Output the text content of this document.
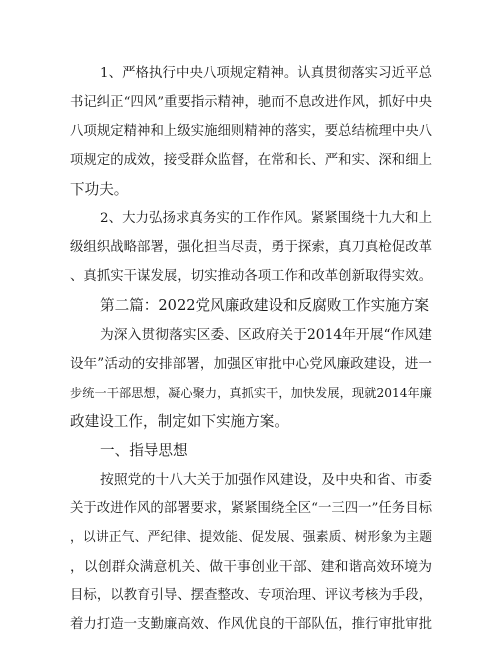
1、严格执行中央八项规定精神。认真贯彻落实习近平总
书记纠正“四风”重要指示精神，驰而不息改进作风，抓好中央
八项规定精神和上级实施细则精神的落实，要总结梳理中央八
项规定的成效，接受群众监督，在常和长、严和实、深和细上
下功夫。
2、大力弘扬求真务实的工作作风。紧紧围绕十九大和上
级组织战略部署，强化担当尽责，勇于探索，真刀真枪促改革
、真抓实干谋发展，切实推动各项工作和改革创新取得实效。
第二篇：2022党风廉政建设和反腐败工作实施方案
为深入贯彻落实区委、区政府关于2014年开展“作风建
设年”活动的安排部署，加强区审批中心党风廉政建设，进一
步统一干部思想，凝心聚力，真抓实干，加快发展，现就2014年廉
政建设工作，制定如下实施方案。
一、指导思想
按照党的十八大关于加强作风建设，及中央和省、市委
关于改进作风的部署要求，紧紧围绕全区“一三四一”任务目标
，以讲正气、严纪律、提效能、促发展、强素质、树形象为主题
，以创群众满意机关、做干事创业干部、建和谐高效环境为
目标，以教育引导、摆查整改、专项治理、评议考核为手段，
着力打造一支勤廉高效、作风优良的干部队伍，推行审批审批
